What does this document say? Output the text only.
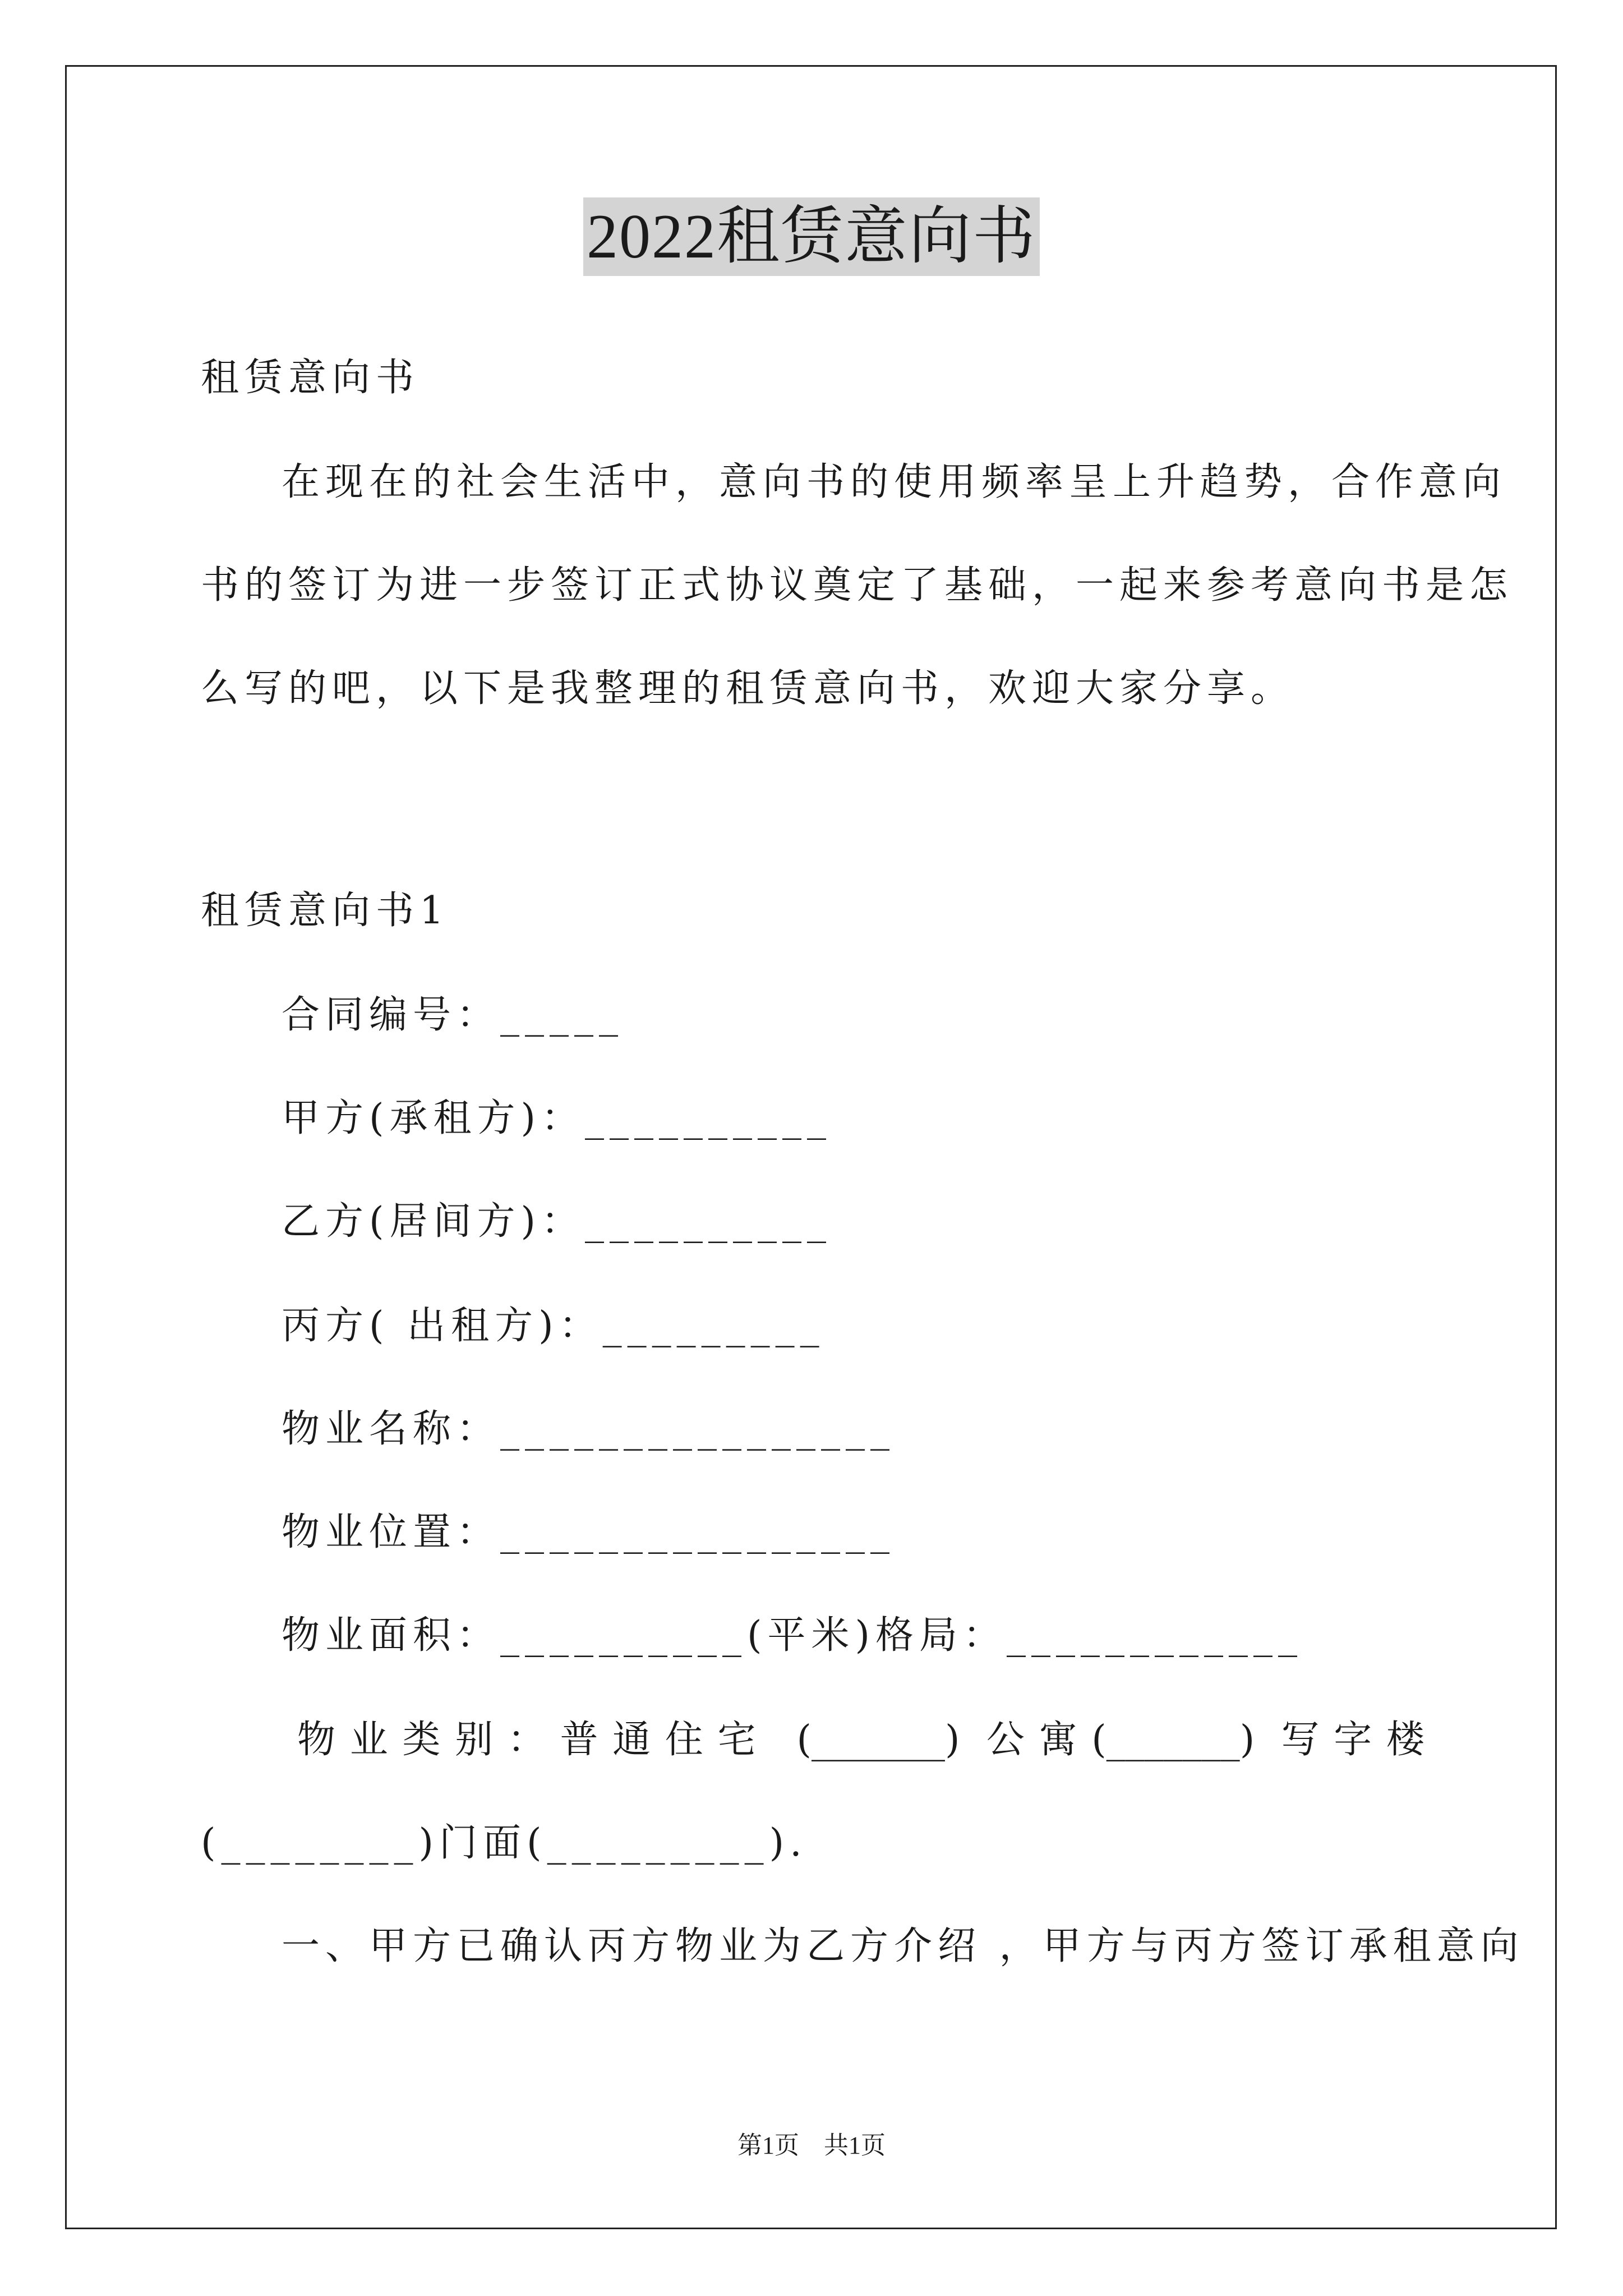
2022租赁意向书
租赁意向书
在现在的社会生活中，意向书的使用频率呈上升趋势，合作意向
书的签订为进一步签订正式协议奠定了基础，一起来参考意向书是怎
么写的吧，以下是我整理的租赁意向书，欢迎大家分享。
租赁意向书1
合同编号：_____
甲方(承租方)：__________
乙方(居间方)：__________
丙方( 出租方)：_________
物业名称：________________
物业位置：________________
物业面积：__________(平米)格局：____________
物业类别：普通住宅 (_______) 公寓(_______) 写字楼
(________)门面(_________).
一、甲方已确认丙方物业为乙方介绍 ，甲方与丙方签订承租意向
第1页　共1页
